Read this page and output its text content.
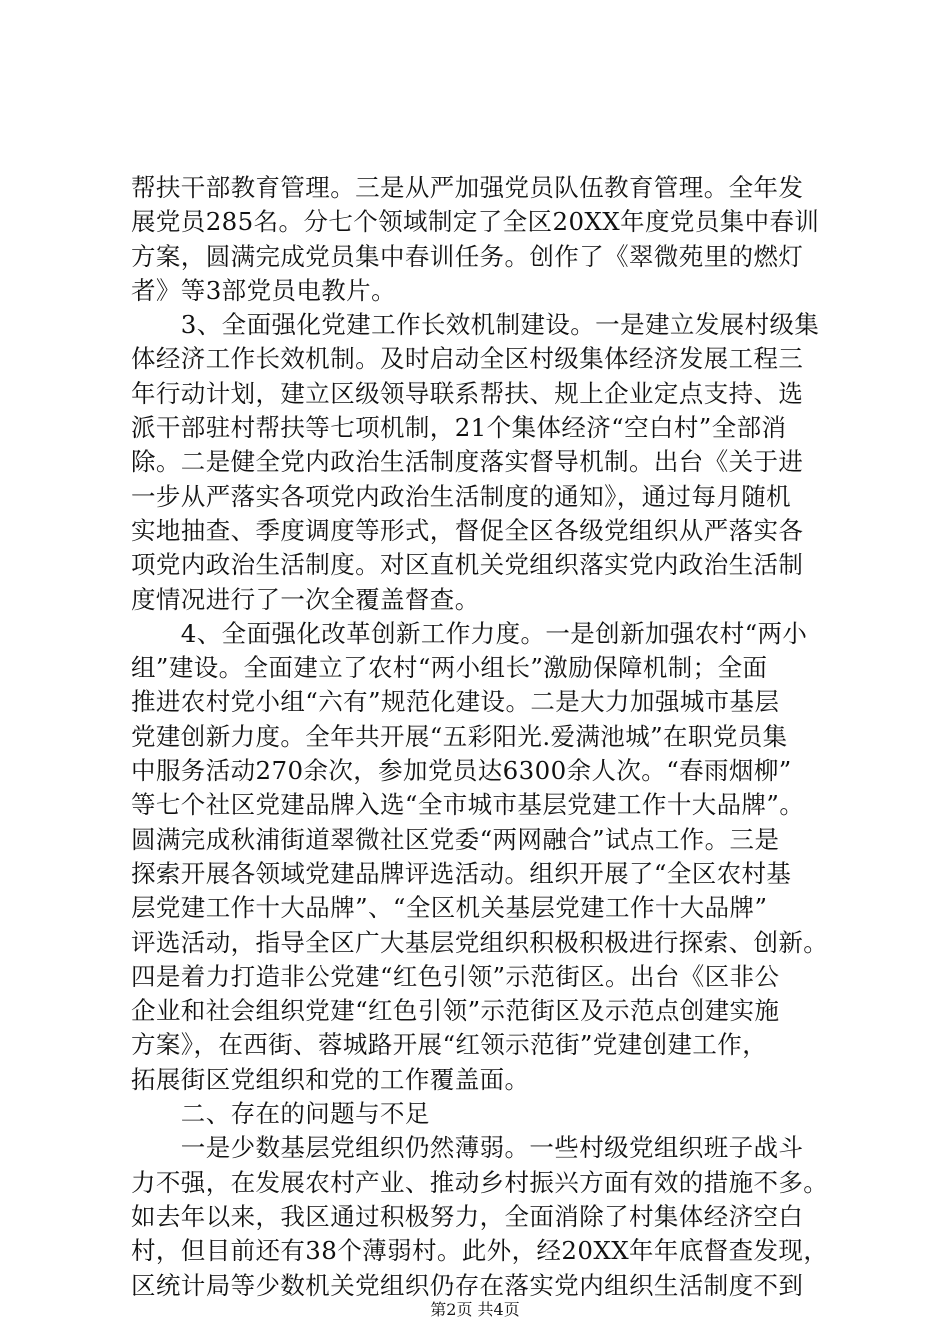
帮扶干部教育管理。三是从严加强党员队伍教育管理。全年发
展党员285名。分七个领域制定了全区20XX年度党员集中春训
方案，圆满完成党员集中春训任务。创作了《翠微苑里的燃灯
者》等3部党员电教片。
　　3、全面强化党建工作长效机制建设。一是建立发展村级集
体经济工作长效机制。及时启动全区村级集体经济发展工程三
年行动计划，建立区级领导联系帮扶、规上企业定点支持、选
派干部驻村帮扶等七项机制，21个集体经济“空白村”全部消
除。二是健全党内政治生活制度落实督导机制。出台《关于进
一步从严落实各项党内政治生活制度的通知》，通过每月随机
实地抽查、季度调度等形式，督促全区各级党组织从严落实各
项党内政治生活制度。对区直机关党组织落实党内政治生活制
度情况进行了一次全覆盖督查。
　　4、全面强化改革创新工作力度。一是创新加强农村“两小
组”建设。全面建立了农村“两小组长”激励保障机制；全面
推进农村党小组“六有”规范化建设。二是大力加强城市基层
党建创新力度。全年共开展“五彩阳光.爱满池城”在职党员集
中服务活动270余次，参加党员达6300余人次。“春雨烟柳”
等七个社区党建品牌入选“全市城市基层党建工作十大品牌”。
圆满完成秋浦街道翠微社区党委“两网融合”试点工作。三是
探索开展各领域党建品牌评选活动。组织开展了“全区农村基
层党建工作十大品牌”、“全区机关基层党建工作十大品牌”
评选活动，指导全区广大基层党组织积极积极进行探索、创新。
四是着力打造非公党建“红色引领”示范街区。出台《区非公
企业和社会组织党建“红色引领”示范街区及示范点创建实施
方案》，在西街、蓉城路开展“红领示范街”党建创建工作，
拓展街区党组织和党的工作覆盖面。
　　二、存在的问题与不足
　　一是少数基层党组织仍然薄弱。一些村级党组织班子战斗
力不强，在发展农村产业、推动乡村振兴方面有效的措施不多。
如去年以来，我区通过积极努力，全面消除了村集体经济空白
村，但目前还有38个薄弱村。此外，经20XX年年底督查发现，
区统计局等少数机关党组织仍存在落实党内组织生活制度不到
第2页 共4页
